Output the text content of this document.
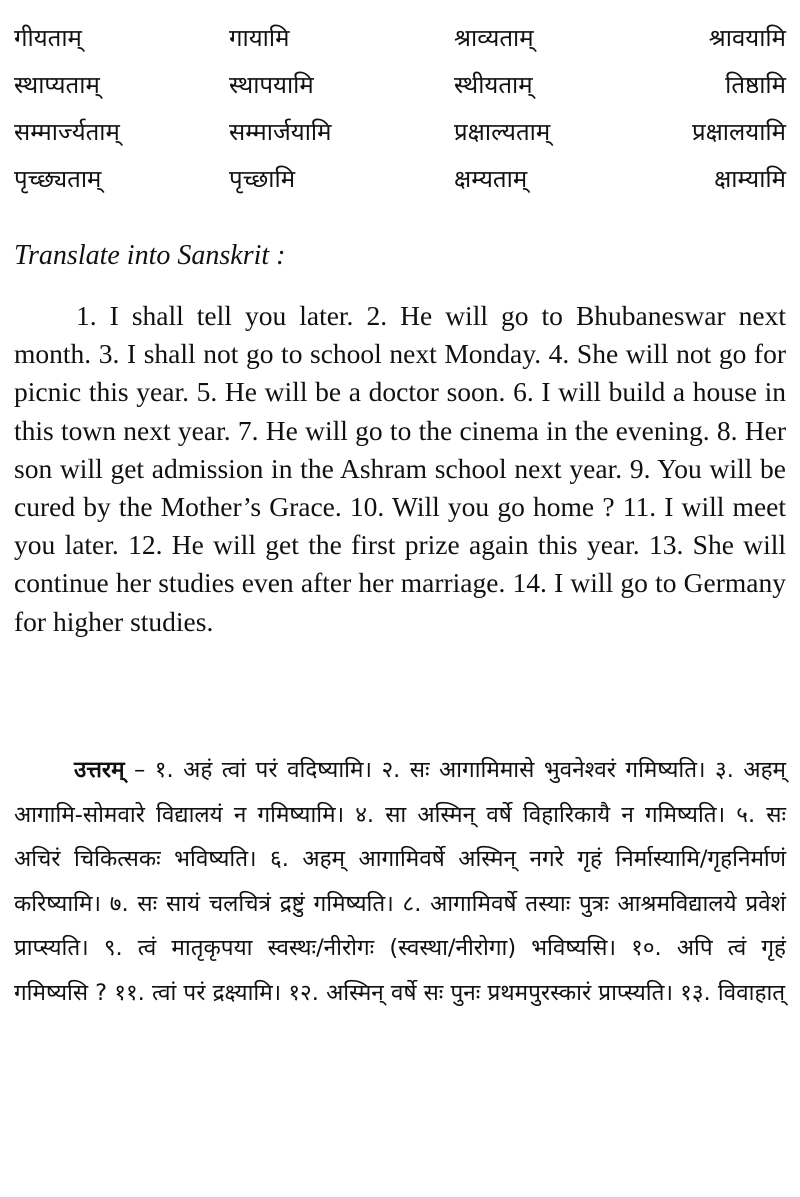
गीयताम्	गायामि	श्राव्यताम्	श्रावयामि
स्थाप्यताम्	स्थापयामि	स्थीयताम्	तिष्ठामि
सम्मार्ज्यताम्	सम्मार्जयामि	प्रक्षाल्यताम्	प्रक्षालयामि
पृच्छ्यताम्	पृच्छामि	क्षम्यताम्	क्षाम्यामि
Translate into Sanskrit :

1. I shall tell you later. 2. He will go to Bhubaneswar next month. 3. I shall not go to school next Monday. 4. She will not go for picnic this year. 5. He will be a doctor soon. 6. I will build a house in this town next year. 7. He will go to the cinema in the evening. 8. Her son will get admission in the Ashram school next year. 9. You will be cured by the Mother’s Grace. 10. Will you go home ? 11. I will meet you later. 12. He will get the first prize again this year. 13. She will continue her studies even after her marriage. 14. I will go to Germany for higher studies.

उत्तरम् – १. अहं त्वां परं वदिष्यामि। २. सः आगामिमासे भुवनेश्वरं गमिष्यति। ३. अहम् आगामि-सोमवारे विद्यालयं न गमिष्यामि। ४. सा अस्मिन् वर्षे विहारिकायै न गमिष्यति। ५. सः अचिरं चिकित्सकः भविष्यति। ६. अहम् आगामिवर्षे अस्मिन् नगरे गृहं निर्मास्यामि/गृहनिर्माणं करिष्यामि। ७. सः सायं चलचित्रं द्रष्टुं गमिष्यति। ८. आगामिवर्षे तस्याः पुत्रः आश्रमविद्यालये प्रवेशं प्राप्स्यति। ९. त्वं मातृकृपया स्वस्थः/नीरोगः (स्वस्था/नीरोगा) भविष्यसि। १०. अपि त्वं गृहं गमिष्यसि ? ११. त्वां परं द्रक्ष्यामि। १२. अस्मिन् वर्षे सः पुनः प्रथमपुरस्कारं प्राप्स्यति। १३. विवाहात्
